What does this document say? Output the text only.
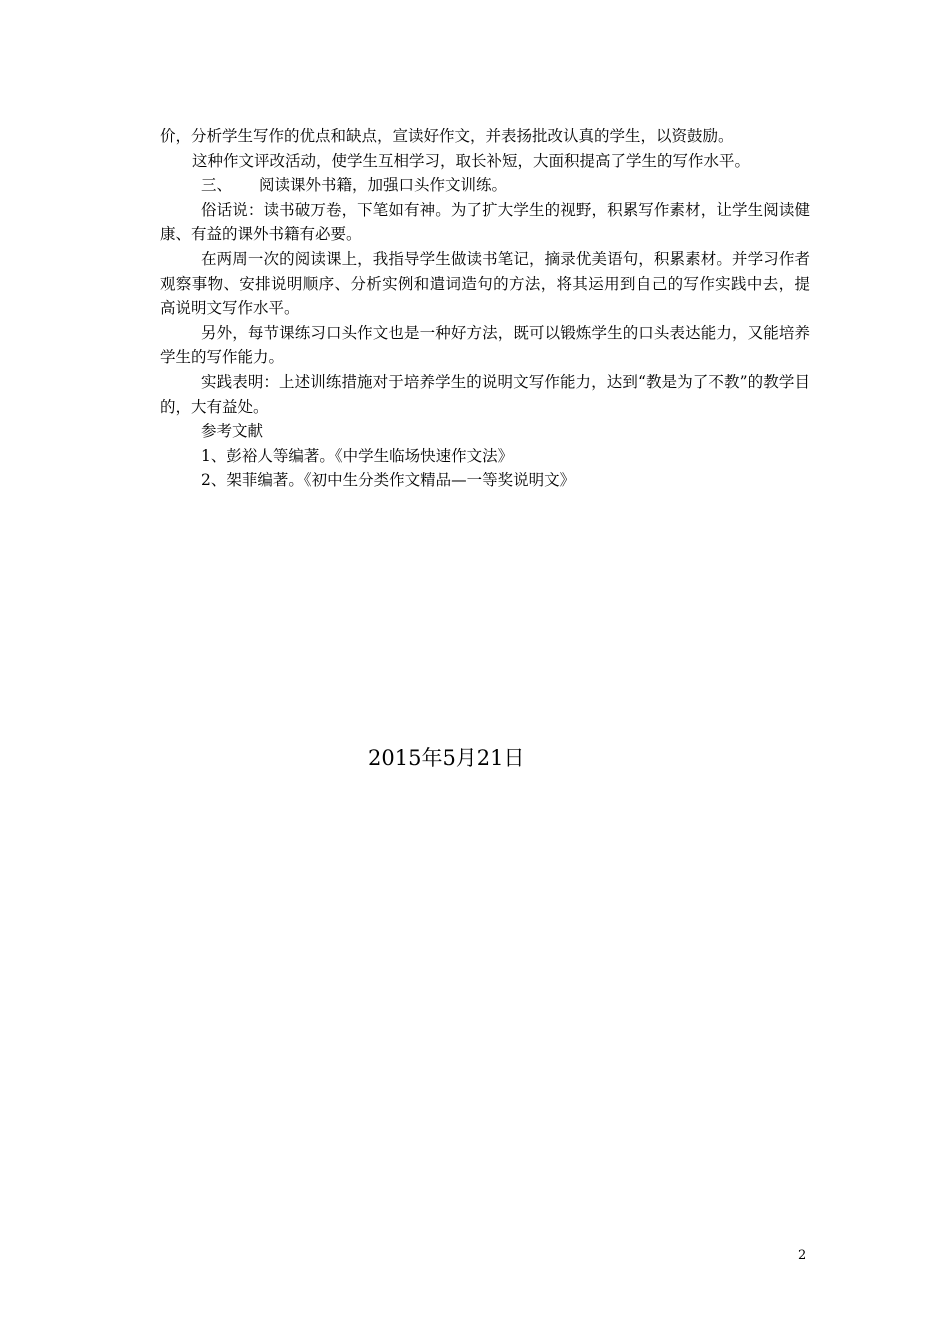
价，分析学生写作的优点和缺点，宣读好作文，并表扬批改认真的学生，以资鼓励。

这种作文评改活动，使学生互相学习，取长补短，大面积提高了学生的写作水平。

三、 阅读课外书籍，加强口头作文训练。

俗话说：读书破万卷，下笔如有神。为了扩大学生的视野，积累写作素材，让学生阅读健康、有益的课外书籍有必要。

在两周一次的阅读课上，我指导学生做读书笔记，摘录优美语句，积累素材。并学习作者观察事物、安排说明顺序、分析实例和遣词造句的方法，将其运用到自己的写作实践中去，提高说明文写作水平。

另外，每节课练习口头作文也是一种好方法，既可以锻炼学生的口头表达能力，又能培养学生的写作能力。

实践表明：上述训练措施对于培养学生的说明文写作能力，达到“教是为了不教”的教学目的，大有益处。

参考文献

1、彭裕人等编著。《中学生临场快速作文法》

2、架菲编著。《初中生分类作文精品—一等奖说明文》

2015年5月21日
2
